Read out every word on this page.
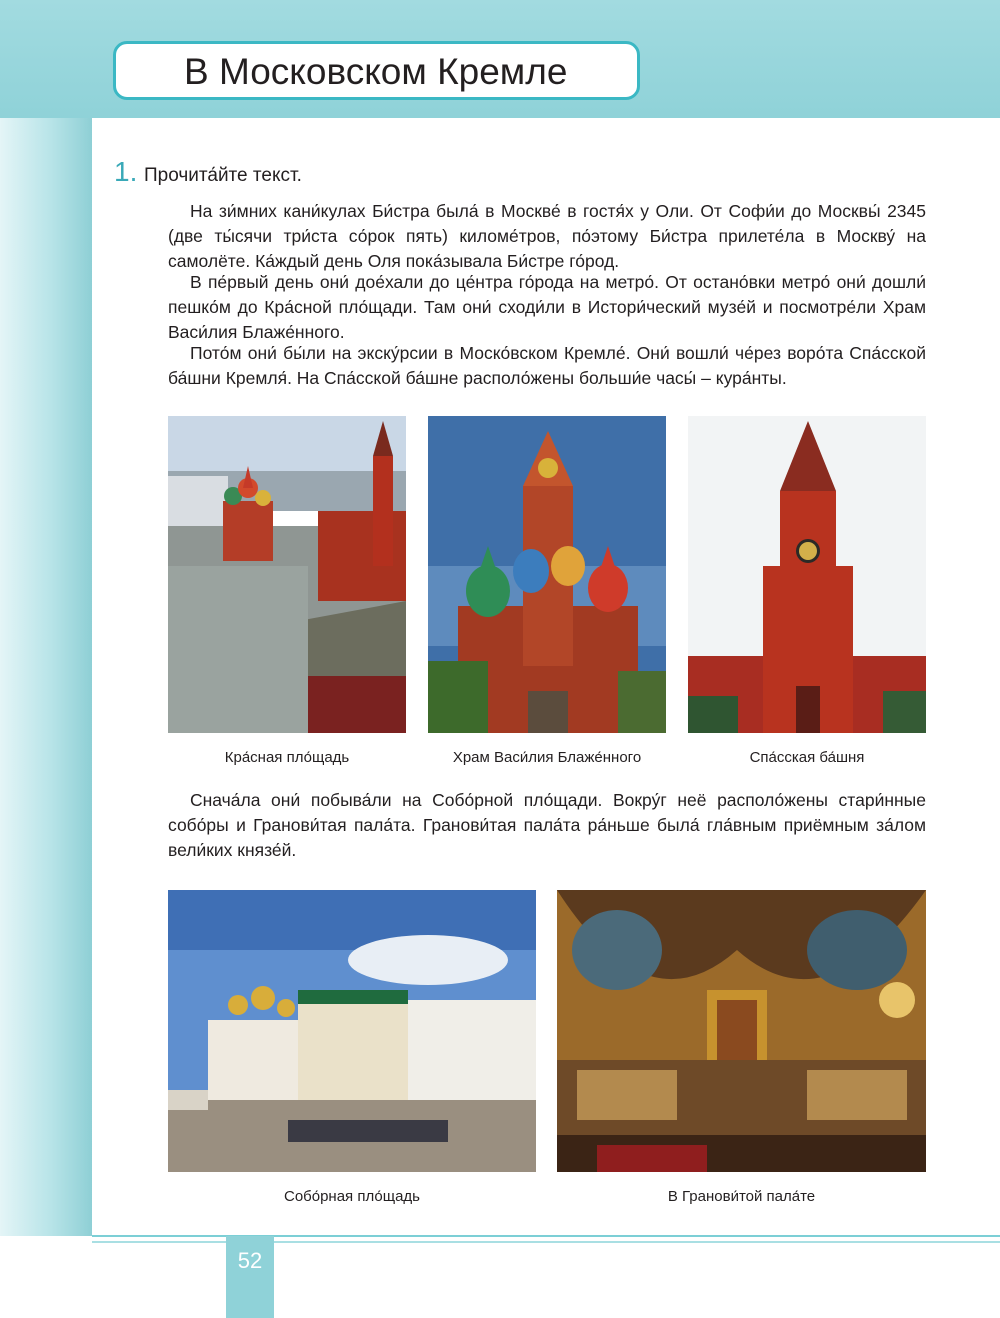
В Московском Кремле
1. Прочита́йте текст.

На зи́мних кани́кулах Би́стра была́ в Москве́ в гостя́х у Оли. От Софи́и до Москвы́ 2345 (две ты́сячи три́ста со́рок пять) киломе́тров, по́этому Би́стра прилете́ла в Москву́ на самолёте. Ка́ждый день Оля пока́зывала Би́стре го́род.

В пе́рвый день они́ дое́хали до це́нтра го́рода на метро́. От остано́вки метро́ они́ дошли́ пешко́м до Кра́сной пло́щади. Там они́ сходи́ли в Истори́ческий музе́й и посмотре́ли Храм Васи́лия Блаже́нного.

Пото́м они́ бы́ли на экску́рсии в Моско́вском Кремле́. Они́ вошли́ че́рез воро́та Спа́сской ба́шни Кремля́. На Спа́сской ба́шне располо́жены больши́е часы́ – кура́нты.

Кра́сная пло́щадь	Храм Васи́лия Блаже́нного	Спа́сская ба́шня

Снача́ла они́ побыва́ли на Собо́рной пло́щади. Вокру́г неё располо́жены стари́нные собо́ры и Гранови́тая пала́та. Гранови́тая пала́та ра́ньше была́ гла́вным приёмным за́лом вели́ких князе́й.

Собо́рная пло́щадь	В Гранови́той пала́те
52
